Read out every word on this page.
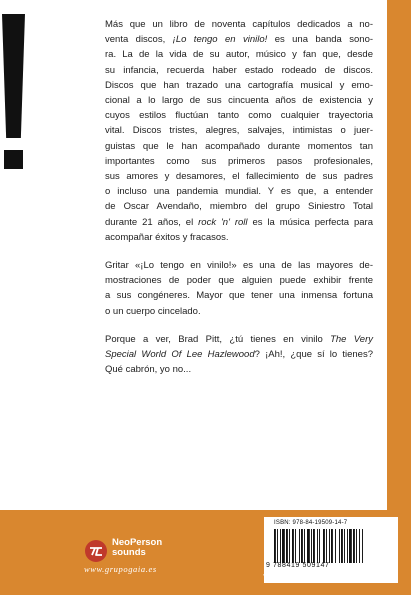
Más que un libro de noventa capítulos dedicados a no-
venta discos, ¡Lo tengo en vinilo! es una banda sono-
ra. La de la vida de su autor, músico y fan que, desde
su infancia, recuerda haber estado rodeado de discos.
Discos que han trazado una cartografía musical y emo-
cional a lo largo de sus cincuenta años de existencia y
cuyos estilos fluctúan tanto como cualquier trayectoria
vital. Discos tristes, alegres, salvajes, intimistas o juer-
guistas que le han acompañado durante momentos tan
importantes como sus primeros pasos profesionales,
sus amores y desamores, el fallecimiento de sus padres
o incluso una pandemia mundial. Y es que, a entender
de Oscar Avendaño, miembro del grupo Siniestro Total
durante 21 años, el rock 'n' roll es la música perfecta para
acompañar éxitos y fracasos.

Gritar «¡Lo tengo en vinilo!» es una de las mayores de-
mostraciones de poder que alguien puede exhibir frente
a sus congéneres. Mayor que tener una inmensa fortuna
o un cuerpo cincelado.

Porque a ver, Brad Pitt, ¿tú tienes en vinilo The Very
Special World Of Lee Hazlewood? ¡Ah!, ¿que sí lo tienes?
Qué cabrón, yo no...

ISBN: 978-84-19509-14-7
9 788419 509147
THEMA: AVLP
NeoPerson
sounds
www.grupogaia.es
